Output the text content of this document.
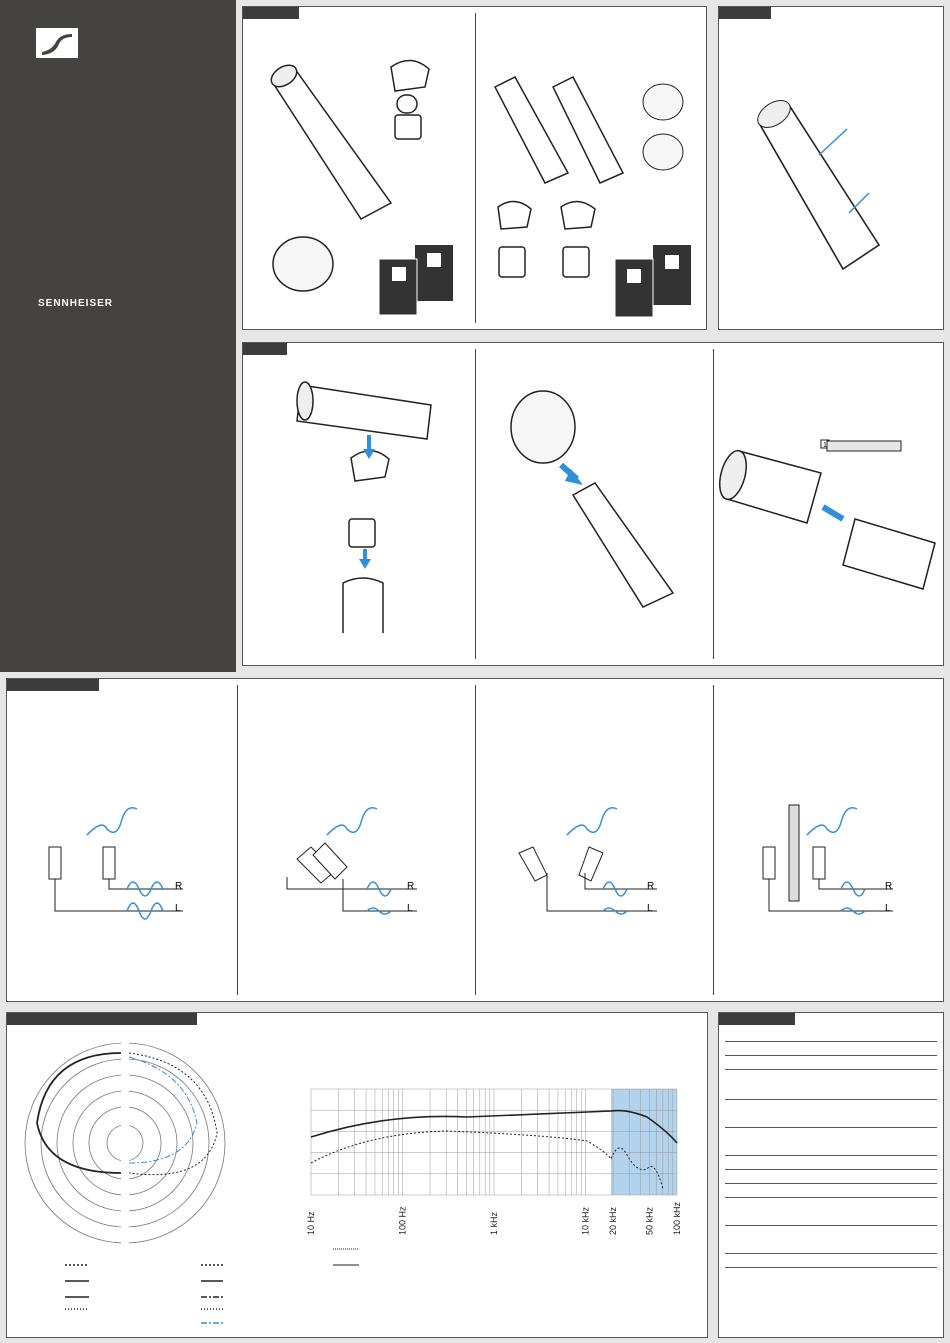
SENNHEISER
1
R
L
R
L
R
L
R
L
10 Hz	100 Hz	1 kHz	10 kHz 20 kHz	50 kHz 100 kHz
